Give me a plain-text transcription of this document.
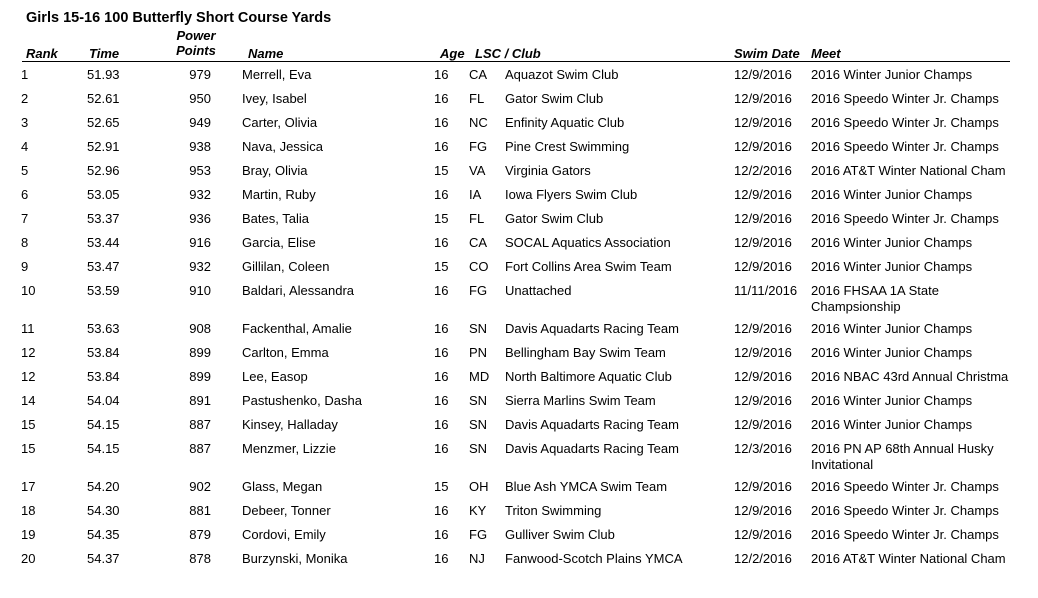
Girls 15-16 100 Butterfly Short Course Yards
Rank Time
Power
Points	Name	Age LSC / Club	Swim Date Meet
1	51.93	979 Merrell, Eva	16 CA Aquazot Swim Club	12/9/2016 2016 Winter Junior Champs
2	52.61	950 Ivey, Isabel	16 FL Gator Swim Club	12/9/2016 2016 Speedo Winter Jr. Champs
3	52.65	949 Carter, Olivia	16 NC Enfinity Aquatic Club	12/9/2016 2016 Speedo Winter Jr. Champs
4	52.91	938 Nava, Jessica	16 FG Pine Crest Swimming	12/9/2016 2016 Speedo Winter Jr. Champs
5	52.96	953 Bray, Olivia	15 VA Virginia Gators	12/2/2016 2016 AT&T Winter National Cham
6	53.05	932 Martin, Ruby	16 IA Iowa Flyers Swim Club	12/9/2016 2016 Winter Junior Champs
7	53.37	936 Bates, Talia	15 FL Gator Swim Club	12/9/2016 2016 Speedo Winter Jr. Champs
8	53.44	916 Garcia, Elise	16 CA SOCAL Aquatics Association	12/9/2016 2016 Winter Junior Champs
9	53.47	932 Gillilan, Coleen	15 CO Fort Collins Area Swim Team	12/9/2016 2016 Winter Junior Champs
10	53.59	910 Baldari, Alessandra	16 FG Unattached	11/11/2016 2016 FHSAA 1A State Champsionship
11	53.63	908 Fackenthal, Amalie	16 SN Davis Aquadarts Racing Team	12/9/2016 2016 Winter Junior Champs
12	53.84	899 Carlton, Emma	16 PN Bellingham Bay Swim Team	12/9/2016 2016 Winter Junior Champs
12	53.84	899 Lee, Easop	16 MD North Baltimore Aquatic Club	12/9/2016 2016 NBAC 43rd Annual Christma
14	54.04	891 Pastushenko, Dasha	16 SN Sierra Marlins Swim Team	12/9/2016 2016 Winter Junior Champs
15	54.15	887 Kinsey, Halladay	16 SN Davis Aquadarts Racing Team	12/9/2016 2016 Winter Junior Champs
15	54.15	887 Menzmer, Lizzie	16 SN Davis Aquadarts Racing Team	12/3/2016 2016 PN AP 68th Annual Husky Invitational
17	54.20	902 Glass, Megan	15 OH Blue Ash YMCA Swim Team	12/9/2016 2016 Speedo Winter Jr. Champs
18	54.30	881 Debeer, Tonner	16 KY Triton Swimming	12/9/2016 2016 Speedo Winter Jr. Champs
19	54.35	879 Cordovi, Emily	16 FG Gulliver Swim Club	12/9/2016 2016 Speedo Winter Jr. Champs
20	54.37	878 Burzynski, Monika	16 NJ Fanwood-Scotch Plains YMCA	12/2/2016 2016 AT&T Winter National Cham
